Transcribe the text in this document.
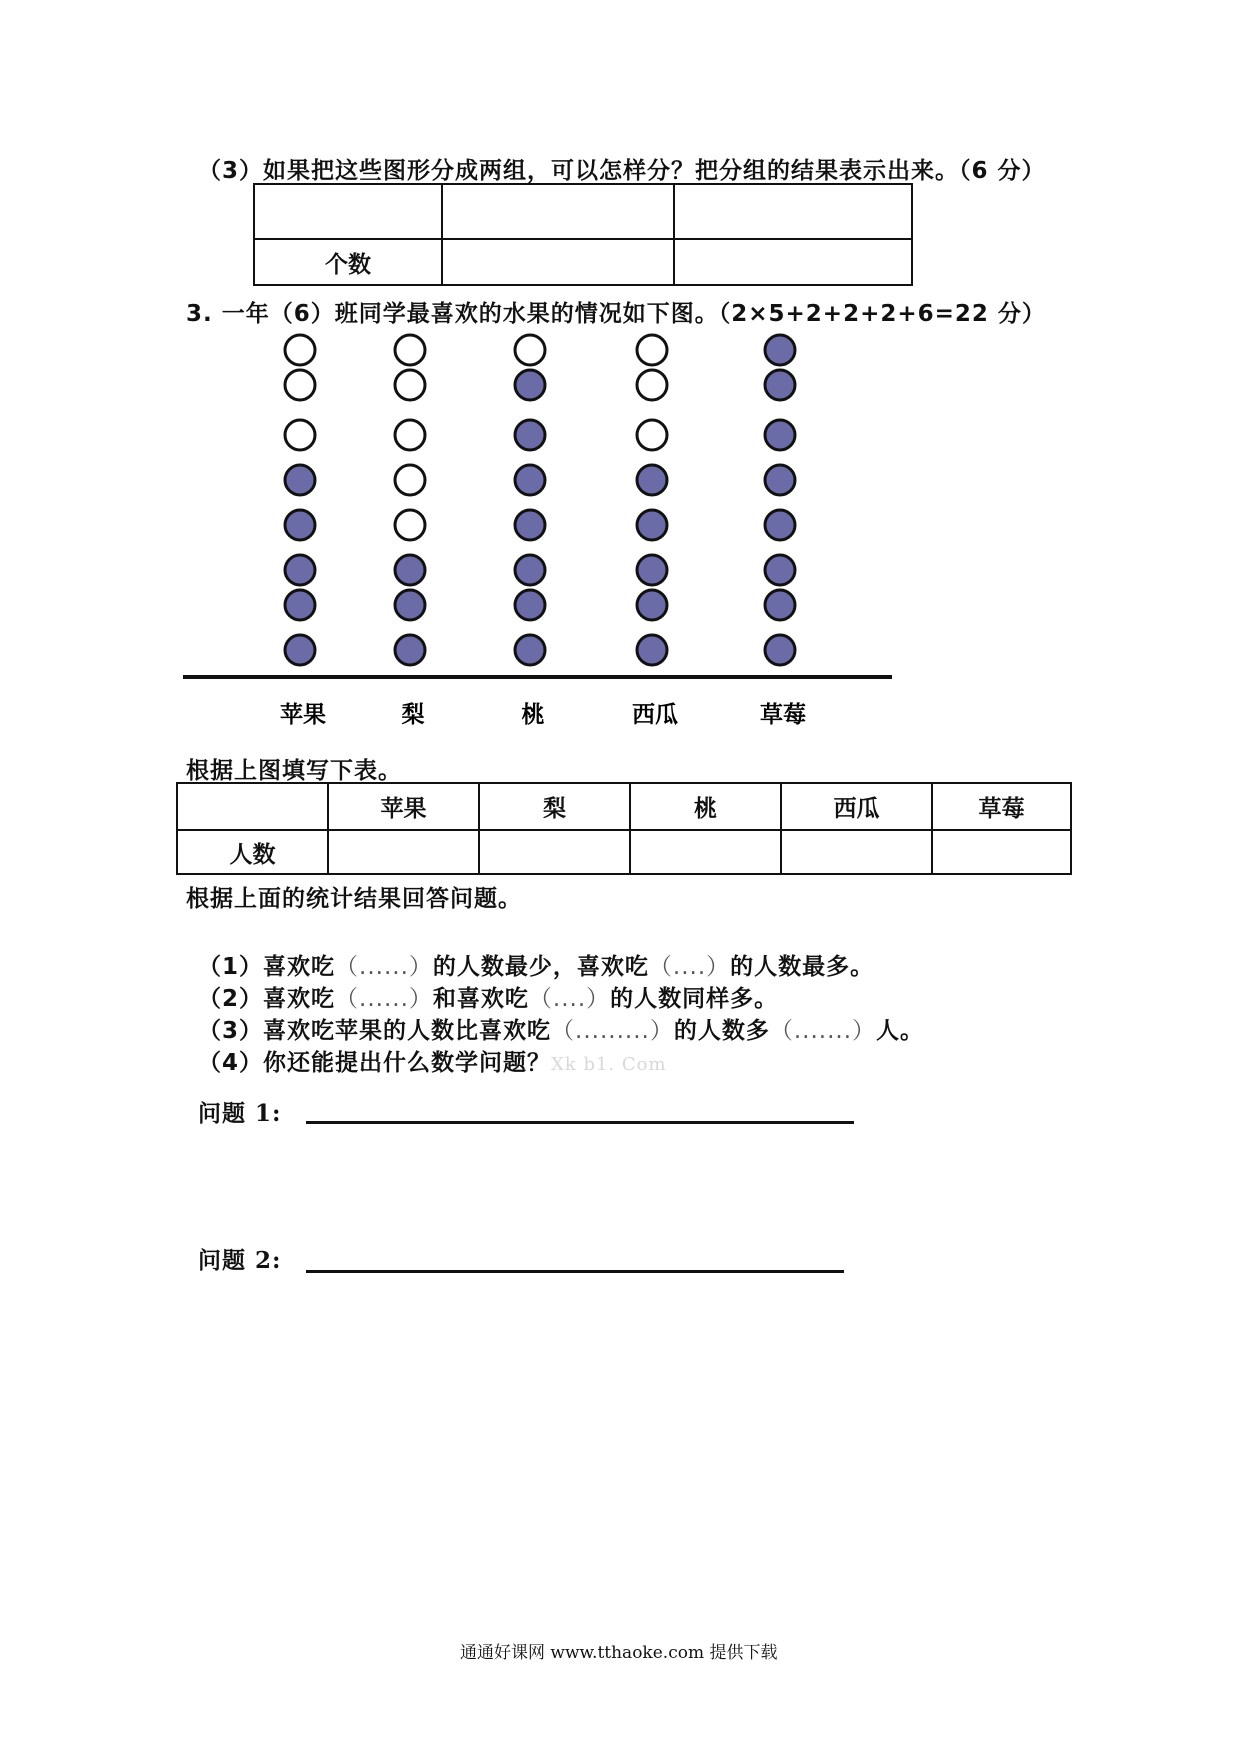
（3）如果把这些图形分成两组，可以怎样分？把分组的结果表示出来。（6 分）

个数		
3. 一年（6）班同学最喜欢的水果的情况如下图。（2×5+2+2+2+6=22 分）
苹果	梨	桃	西瓜	草莓
根据上图填写下表。
	苹果	梨	桃	西瓜	草莓
人数					
根据上面的统计结果回答问题。
（1）喜欢吃（......）的人数最少，喜欢吃（....）的人数最多。
（2）喜欢吃（......）和喜欢吃（....）的人数同样多。
（3）喜欢吃苹果的人数比喜欢吃（.........）的人数多（.......）人。
（4）你还能提出什么数学问题？Xk b1. Com
问题 1:
问题 2:
通通好课网 www.tthaoke.com 提供下载
